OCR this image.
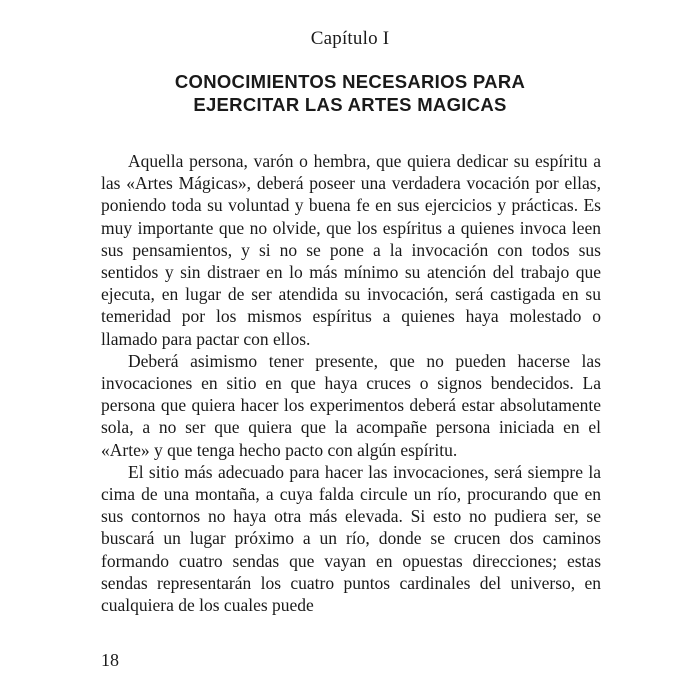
Capítulo I
CONOCIMIENTOS NECESARIOS PARA
EJERCITAR LAS ARTES MAGICAS

Aquella persona, varón o hembra, que quiera dedicar su espíritu a las «Artes Mágicas», deberá poseer una verdadera vocación por ellas, poniendo toda su voluntad y buena fe en sus ejercicios y prácticas. Es muy importante que no olvide, que los espíritus a quienes invoca leen sus pensamientos, y si no se pone a la invocación con todos sus sentidos y sin distraer en lo más mínimo su atención del trabajo que ejecuta, en lugar de ser atendida su invocación, será castigada en su temeridad por los mismos espíritus a quienes haya molestado o llamado para pactar con ellos.

Deberá asimismo tener presente, que no pueden hacerse las invocaciones en sitio en que haya cruces o signos bendecidos. La persona que quiera hacer los experimentos deberá estar absolutamente sola, a no ser que quiera que la acompañe persona iniciada en el «Arte» y que tenga hecho pacto con algún espíritu.

El sitio más adecuado para hacer las invocaciones, será siempre la cima de una montaña, a cuya falda circule un río, procurando que en sus contornos no haya otra más elevada. Si esto no pudiera ser, se buscará un lugar próximo a un río, donde se crucen dos caminos formando cuatro sendas que vayan en opuestas direcciones; estas sendas representarán los cuatro puntos cardinales del universo, en cualquiera de los cuales puede

18
